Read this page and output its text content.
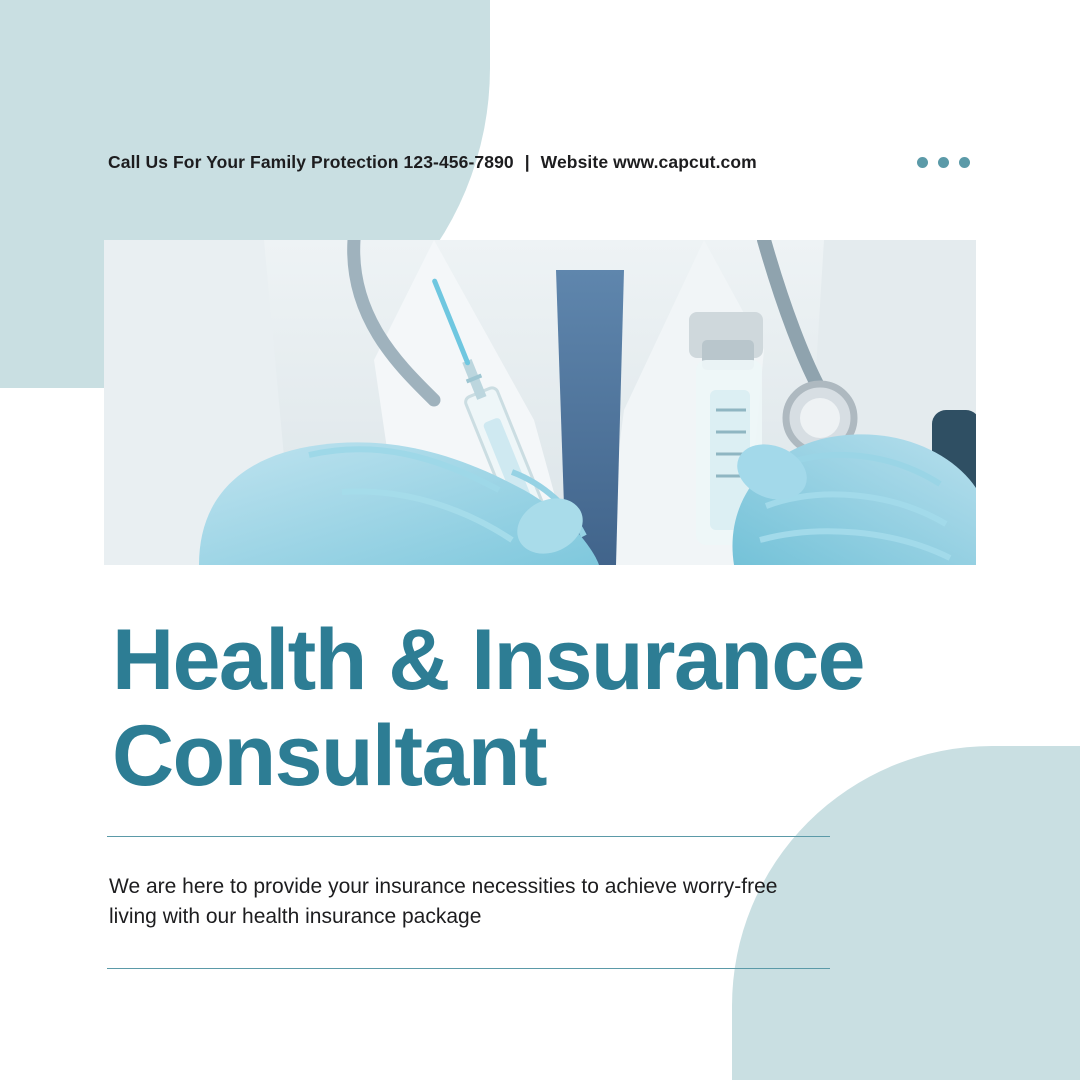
Call Us For Your Family Protection 123-456-7890 | Website www.capcut.com
Health & Insurance Consultant

We are here to provide your insurance necessities to achieve worry-free living with our health insurance package
